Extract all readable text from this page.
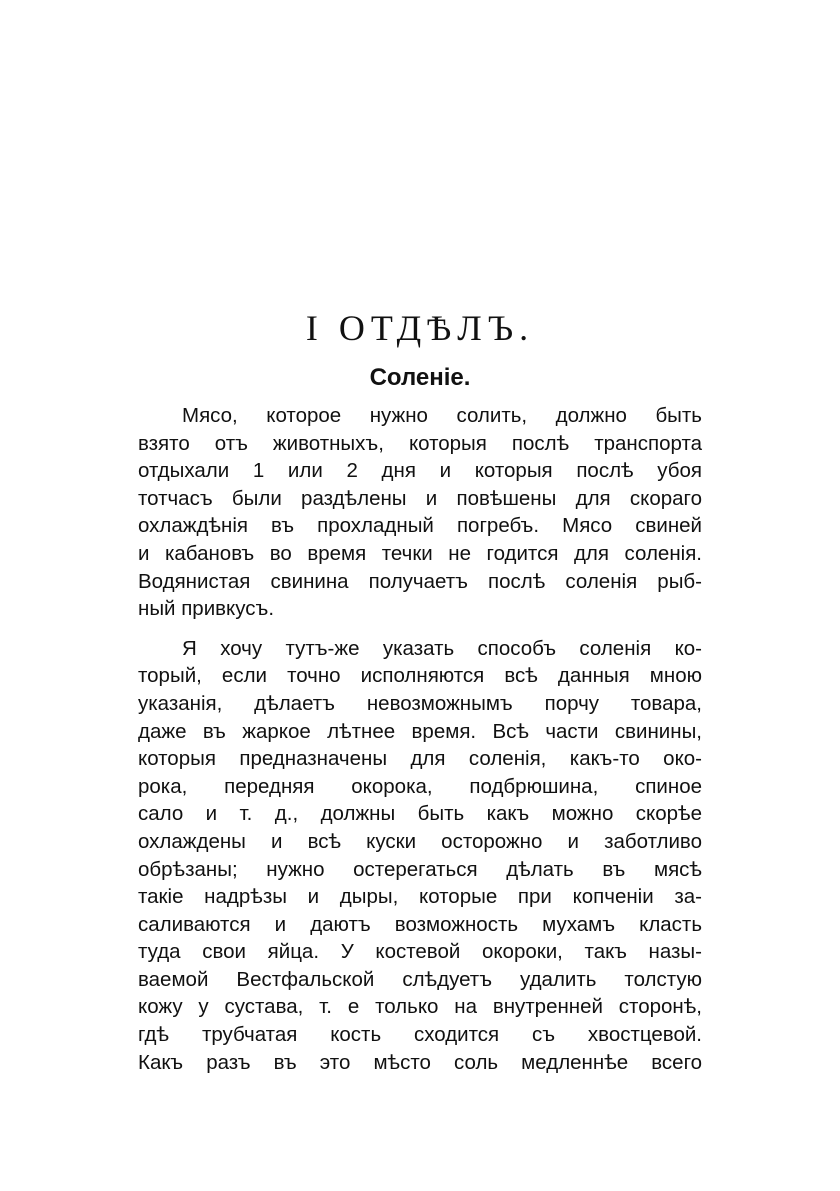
I ОТДѢЛЪ.
Соленіе.
Мясо, которое нужно солить, должно быть
взято отъ животныхъ, которыя послѣ транспорта
отдыхали 1 или 2 дня и которыя послѣ убоя
тотчасъ были раздѣлены и повѣшены для скораго
охлаждѣнія въ прохладный погребъ. Мясо свиней
и кабановъ во время течки не годится для соленія.
Водянистая свинина получаетъ послѣ соленія рыб-
ный привкусъ.
Я хочу тутъ-же указать способъ соленія ко-
торый, если точно исполняются всѣ данныя мною
указанія, дѣлаетъ невозможнымъ порчу товара,
даже въ жаркое лѣтнее время. Всѣ части свинины,
которыя предназначены для соленія, какъ-то око-
рока, передняя окорока, подбрюшина, спиное
сало и т. д., должны быть какъ можно скорѣе
охлаждены и всѣ куски осторожно и заботливо
обрѣзаны; нужно остерегаться дѣлать въ мясѣ
такіе надрѣзы и дыры, которые при копченіи за-
саливаются и даютъ возможность мухамъ класть
туда свои яйца. У костевой окороки, такъ назы-
ваемой Вестфальской слѣдуетъ удалить толстую
кожу у сустава, т. е только на внутренней сторонѣ,
гдѣ трубчатая кость сходится съ хвостцевой.
Какъ разъ въ это мѣсто соль медленнѣе всего
